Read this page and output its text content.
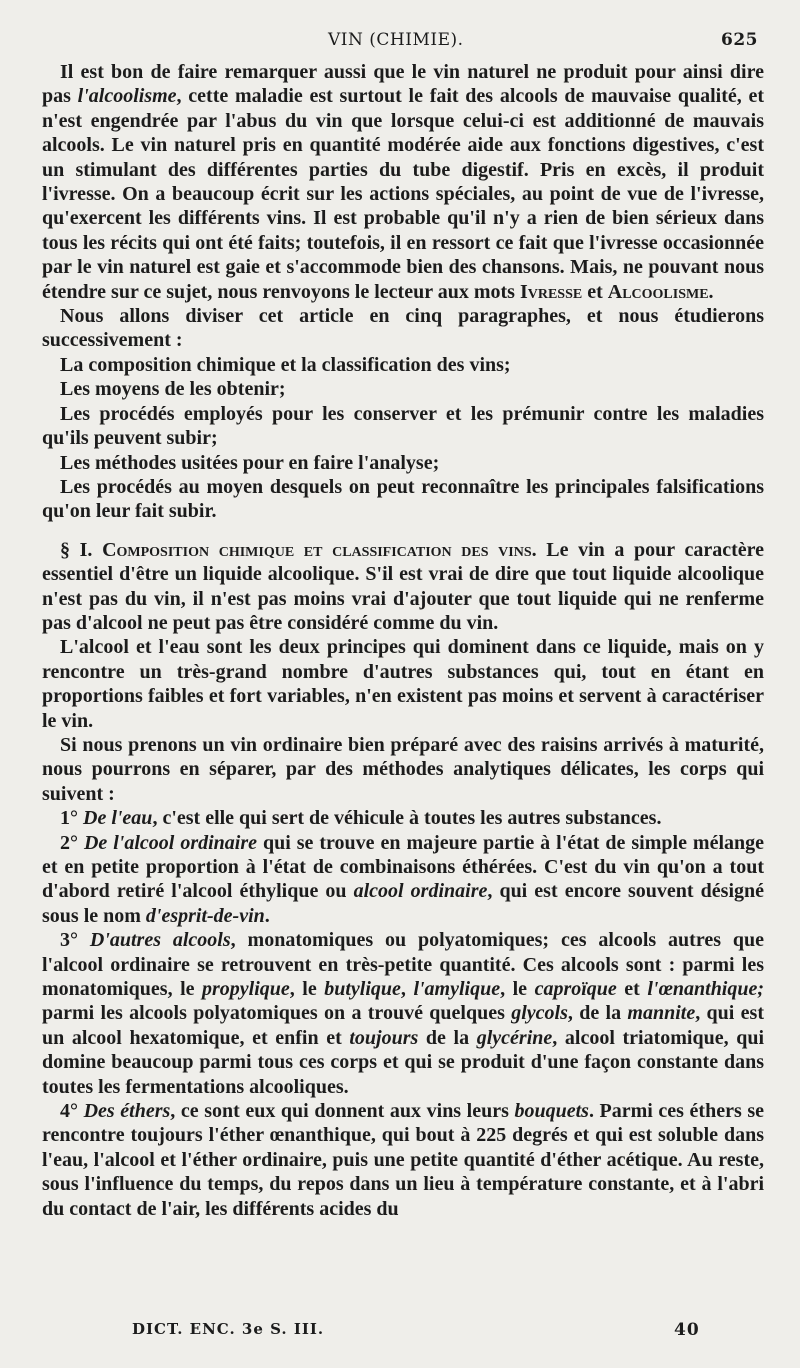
VIN (CHIMIE).	625

Il est bon de faire remarquer aussi que le vin naturel ne produit pour ainsi dire pas l'alcoolisme, cette maladie est surtout le fait des alcools de mauvaise qualité, et n'est engendrée par l'abus du vin que lorsque celui-ci est additionné de mauvais alcools. Le vin naturel pris en quantité modérée aide aux fonctions digestives, c'est un stimulant des différentes parties du tube digestif. Pris en excès, il produit l'ivresse. On a beaucoup écrit sur les actions spéciales, au point de vue de l'ivresse, qu'exercent les différents vins. Il est probable qu'il n'y a rien de bien sérieux dans tous les récits qui ont été faits; toutefois, il en ressort ce fait que l'ivresse occasionnée par le vin naturel est gaie et s'accommode bien des chansons. Mais, ne pouvant nous étendre sur ce sujet, nous renvoyons le lecteur aux mots Ivresse et Alcoolisme.

Nous allons diviser cet article en cinq paragraphes, et nous étudierons successivement :

La composition chimique et la classification des vins;

Les moyens de les obtenir;

Les procédés employés pour les conserver et les prémunir contre les maladies qu'ils peuvent subir;

Les méthodes usitées pour en faire l'analyse;

Les procédés au moyen desquels on peut reconnaître les principales falsifications qu'on leur fait subir.

§ I. Composition chimique et classification des vins. Le vin a pour caractère essentiel d'être un liquide alcoolique. S'il est vrai de dire que tout liquide alcoolique n'est pas du vin, il n'est pas moins vrai d'ajouter que tout liquide qui ne renferme pas d'alcool ne peut pas être considéré comme du vin.

L'alcool et l'eau sont les deux principes qui dominent dans ce liquide, mais on y rencontre un très-grand nombre d'autres substances qui, tout en étant en proportions faibles et fort variables, n'en existent pas moins et servent à caractériser le vin.

Si nous prenons un vin ordinaire bien préparé avec des raisins arrivés à maturité, nous pourrons en séparer, par des méthodes analytiques délicates, les corps qui suivent :

1° De l'eau, c'est elle qui sert de véhicule à toutes les autres substances.

2° De l'alcool ordinaire qui se trouve en majeure partie à l'état de simple mélange et en petite proportion à l'état de combinaisons éthérées. C'est du vin qu'on a tout d'abord retiré l'alcool éthylique ou alcool ordinaire, qui est encore souvent désigné sous le nom d'esprit-de-vin.

3° D'autres alcools, monatomiques ou polyatomiques; ces alcools autres que l'alcool ordinaire se retrouvent en très-petite quantité. Ces alcools sont : parmi les monatomiques, le propylique, le butylique, l'amylique, le caproïque et l'œnanthique; parmi les alcools polyatomiques on a trouvé quelques glycols, de la mannite, qui est un alcool hexatomique, et enfin et toujours de la glycérine, alcool triatomique, qui domine beaucoup parmi tous ces corps et qui se produit d'une façon constante dans toutes les fermentations alcooliques.

4° Des éthers, ce sont eux qui donnent aux vins leurs bouquets. Parmi ces éthers se rencontre toujours l'éther œnanthique, qui bout à 225 degrés et qui est soluble dans l'eau, l'alcool et l'éther ordinaire, puis une petite quantité d'éther acétique. Au reste, sous l'influence du temps, du repos dans un lieu à température constante, et à l'abri du contact de l'air, les différents acides du

DICT. ENC. 3e S. III.	40
